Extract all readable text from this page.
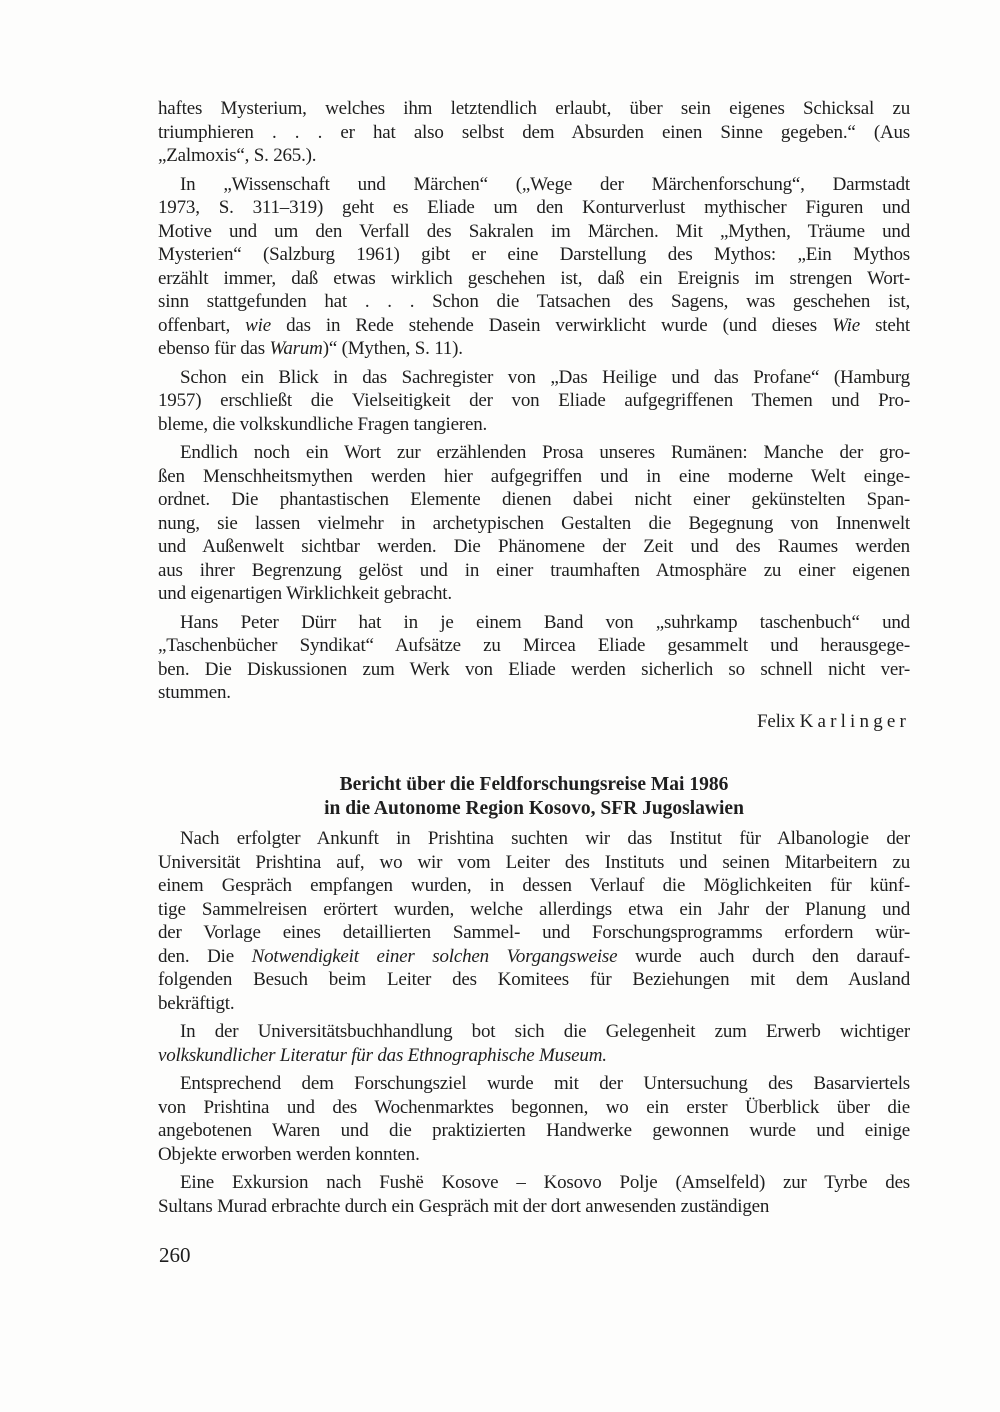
haftes Mysterium, welches ihm letztendlich erlaubt, über sein eigenes Schicksal zu
triumphieren . . . er hat also selbst dem Absurden einen Sinne gegeben.“ (Aus
„Zalmoxis“, S. 265.).
In „Wissenschaft und Märchen“ („Wege der Märchenforschung“, Darmstadt
1973, S. 311–319) geht es Eliade um den Konturverlust mythischer Figuren und
Motive und um den Verfall des Sakralen im Märchen. Mit „Mythen, Träume und
Mysterien“ (Salzburg 1961) gibt er eine Darstellung des Mythos: „Ein Mythos
erzählt immer, daß etwas wirklich geschehen ist, daß ein Ereignis im strengen Wort-
sinn stattgefunden hat . . . Schon die Tatsachen des Sagens, was geschehen ist,
offenbart, wie das in Rede stehende Dasein verwirklicht wurde (und dieses Wie steht
ebenso für das Warum)“ (Mythen, S. 11).
Schon ein Blick in das Sachregister von „Das Heilige und das Profane“ (Hamburg
1957) erschließt die Vielseitigkeit der von Eliade aufgegriffenen Themen und Pro-
bleme, die volkskundliche Fragen tangieren.
Endlich noch ein Wort zur erzählenden Prosa unseres Rumänen: Manche der gro-
ßen Menschheitsmythen werden hier aufgegriffen und in eine moderne Welt einge-
ordnet. Die phantastischen Elemente dienen dabei nicht einer gekünstelten Span-
nung, sie lassen vielmehr in archetypischen Gestalten die Begegnung von Innenwelt
und Außenwelt sichtbar werden. Die Phänomene der Zeit und des Raumes werden
aus ihrer Begrenzung gelöst und in einer traumhaften Atmosphäre zu einer eigenen
und eigenartigen Wirklichkeit gebracht.
Hans Peter Dürr hat in je einem Band von „suhrkamp taschenbuch“ und
„Taschenbücher Syndikat“ Aufsätze zu Mircea Eliade gesammelt und herausgege-
ben. Die Diskussionen zum Werk von Eliade werden sicherlich so schnell nicht ver-
stummen.
Felix Karlinger
Bericht über die Feldforschungsreise Mai 1986
in die Autonome Region Kosovo, SFR Jugoslawien
Nach erfolgter Ankunft in Prishtina suchten wir das Institut für Albanologie der
Universität Prishtina auf, wo wir vom Leiter des Instituts und seinen Mitarbeitern zu
einem Gespräch empfangen wurden, in dessen Verlauf die Möglichkeiten für künf-
tige Sammelreisen erörtert wurden, welche allerdings etwa ein Jahr der Planung und
der Vorlage eines detaillierten Sammel- und Forschungsprogramms erfordern wür-
den. Die Notwendigkeit einer solchen Vorgangsweise wurde auch durch den darauf-
folgenden Besuch beim Leiter des Komitees für Beziehungen mit dem Ausland
bekräftigt.
In der Universitätsbuchhandlung bot sich die Gelegenheit zum Erwerb wichtiger
volkskundlicher Literatur für das Ethnographische Museum.
Entsprechend dem Forschungsziel wurde mit der Untersuchung des Basarviertels
von Prishtina und des Wochenmarktes begonnen, wo ein erster Überblick über die
angebotenen Waren und die praktizierten Handwerke gewonnen wurde und einige
Objekte erworben werden konnten.
Eine Exkursion nach Fushë Kosove – Kosovo Polje (Amselfeld) zur Tyrbe des
Sultans Murad erbrachte durch ein Gespräch mit der dort anwesenden zuständigen
260
